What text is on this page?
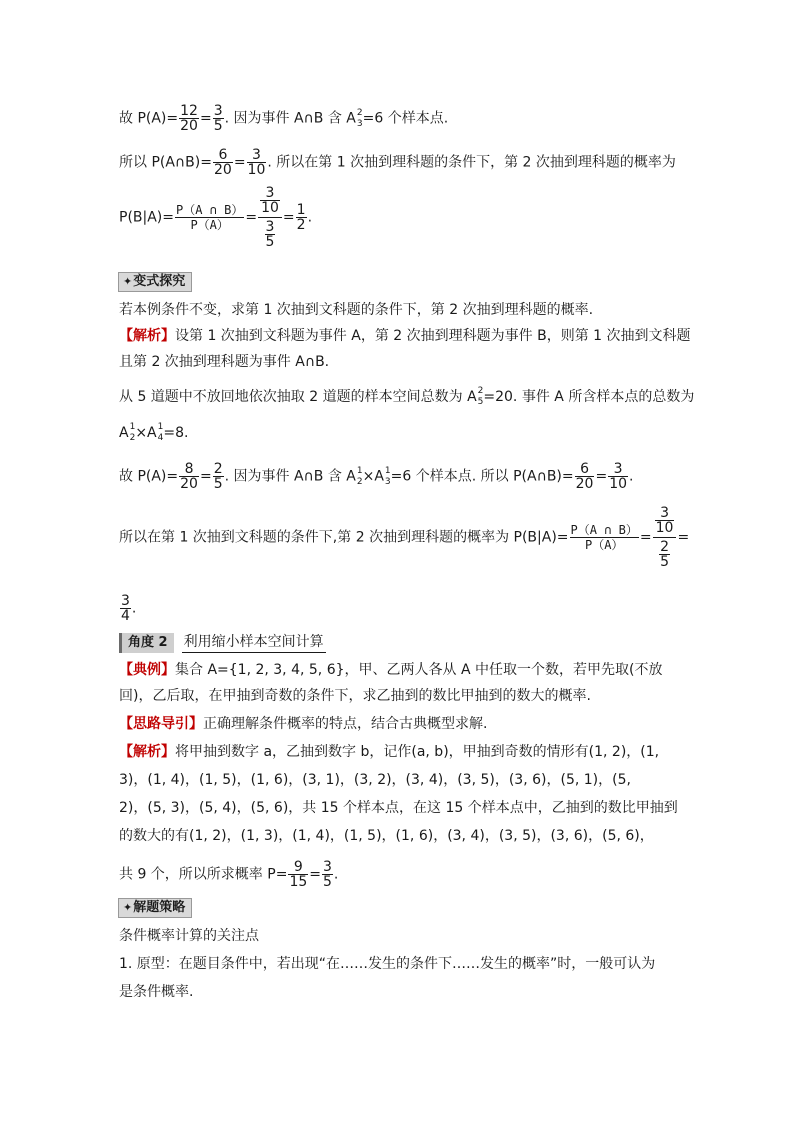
故 $P(A)= \frac{12}{20} = \frac{3}{5}$ . 因为事件 A∩B 含 A 2
3 =6 个样本点.
所以 P(A∩B)= $\frac{6}{20} = \frac{3}{10}$ . 所以在第 1 次抽到理科题的条件下，第 2 次抽到理科题的概率为
$P(B|A)= \frac{P(A \cap B)}{P(A)} = \frac{\frac{3}{10}}{\frac{3}{5}} = \frac{1}{2}$ .
✦变式探究
若本例条件不变，求第 1 次抽到文科题的条件下，第 2 次抽到理科题的概率.
【解析】设第 1 次抽到文科题为事件 A，第 2 次抽到理科题为事件 B，则第 1 次抽到文科题
且第 2 次抽到理科题为事件 A∩B.
从 5 道题中不放回地依次抽取 2 道题的样本空间总数为 A 2
5 =20. 事件 A 所含样本点的总数为
A 1
2 ×A 1
4 =8.
故 $P(A)= \frac{8}{20} = \frac{2}{5}$ . 因为事件 A∩B 含 A 1
2 ×A 1
3 =6 个样本点. 所以 P(A∩B)= $\frac{6}{20} = \frac{3}{10}$ .
所以在第 1 次抽到文科题的条件下,第 2 次抽到理科题的概率为 $P(B|A)= \frac{P(A \cap B)}{P(A)} = \frac{\frac{3}{10}}{\frac{2}{5}}$ =
$\frac{3}{4}$ .
角度 2 利用缩小样本空间计算
【典例】集合 A={1, 2, 3, 4, 5, 6}，甲、乙两人各从 A 中任取一个数，若甲先取(不放
回)，乙后取，在甲抽到奇数的条件下，求乙抽到的数比甲抽到的数大的概率.
【思路导引】正确理解条件概率的特点，结合古典概型求解.
【解析】将甲抽到数字 a，乙抽到数字 b，记作(a, b)，甲抽到奇数的情形有(1, 2)，(1,
3)，(1, 4)，(1, 5)，(1, 6)，(3, 1)，(3, 2)，(3, 4)，(3, 5)，(3, 6)，(5, 1)，(5,
2)，(5, 3)，(5, 4)，(5, 6)，共 15 个样本点，在这 15 个样本点中，乙抽到的数比甲抽到
的数大的有(1, 2)，(1, 3)，(1, 4)，(1, 5)，(1, 6)，(3, 4)，(3, 5)，(3, 6)，(5, 6)，
共 9 个，所以所求概率 $P= \frac{9}{15} = \frac{3}{5}$ .
✦解题策略
条件概率计算的关注点
1. 原型：在题目条件中，若出现“在……发生的条件下……发生的概率”时，一般可认为
是条件概率.
